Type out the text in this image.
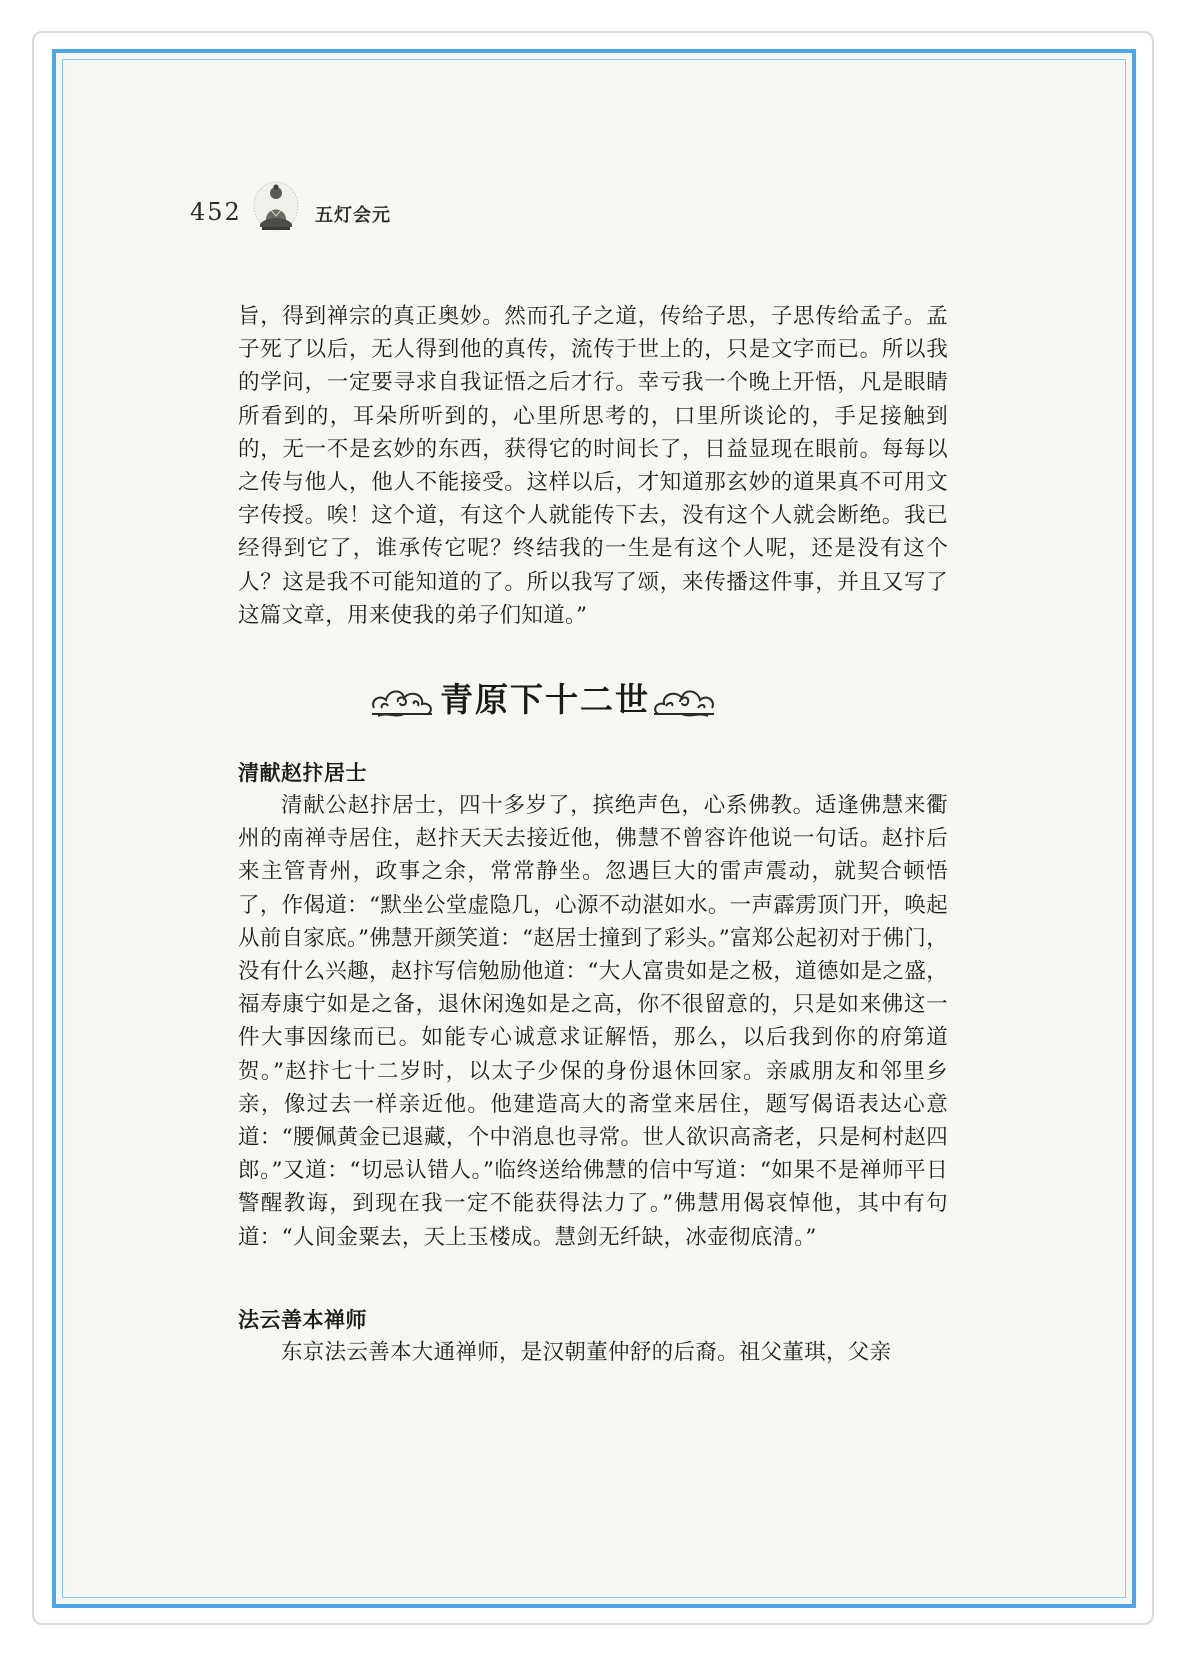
452	五灯会元

旨，得到禅宗的真正奥妙。然而孔子之道，传给子思，子思传给孟子。孟子死了以后，无人得到他的真传，流传于世上的，只是文字而已。所以我的学问，一定要寻求自我证悟之后才行。幸亏我一个晚上开悟，凡是眼睛所看到的，耳朵所听到的，心里所思考的，口里所谈论的，手足接触到的，无一不是玄妙的东西，获得它的时间长了，日益显现在眼前。每每以之传与他人，他人不能接受。这样以后，才知道那玄妙的道果真不可用文字传授。唉！这个道，有这个人就能传下去，没有这个人就会断绝。我已经得到它了，谁承传它呢？终结我的一生是有这个人呢，还是没有这个人？这是我不可能知道的了。所以我写了颂，来传播这件事，并且又写了这篇文章，用来使我的弟子们知道。”

青原下十二世
清献赵抃居士

清献公赵抃居士，四十多岁了，摈绝声色，心系佛教。适逢佛慧来衢州的南禅寺居住，赵抃天天去接近他，佛慧不曾容许他说一句话。赵抃后来主管青州，政事之余，常常静坐。忽遇巨大的雷声震动，就契合顿悟了，作偈道：“默坐公堂虚隐几，心源不动湛如水。一声霹雳顶门开，唤起从前自家底。”佛慧开颜笑道：“赵居士撞到了彩头。”富郑公起初对于佛门，没有什么兴趣，赵抃写信勉励他道：“大人富贵如是之极，道德如是之盛，福寿康宁如是之备，退休闲逸如是之高，你不很留意的，只是如来佛这一件大事因缘而已。如能专心诚意求证解悟，那么，以后我到你的府第道贺。”赵抃七十二岁时，以太子少保的身份退休回家。亲戚朋友和邻里乡亲，像过去一样亲近他。他建造高大的斋堂来居住，题写偈语表达心意道：“腰佩黄金已退藏，个中消息也寻常。世人欲识高斋老，只是柯村赵四郎。”又道：“切忌认错人。”临终送给佛慧的信中写道：“如果不是禅师平日警醒教诲，到现在我一定不能获得法力了。”佛慧用偈哀悼他，其中有句道：“人间金粟去，天上玉楼成。慧剑无纤缺，冰壶彻底清。”

法云善本禅师

东京法云善本大通禅师，是汉朝董仲舒的后裔。祖父董琪，父亲
